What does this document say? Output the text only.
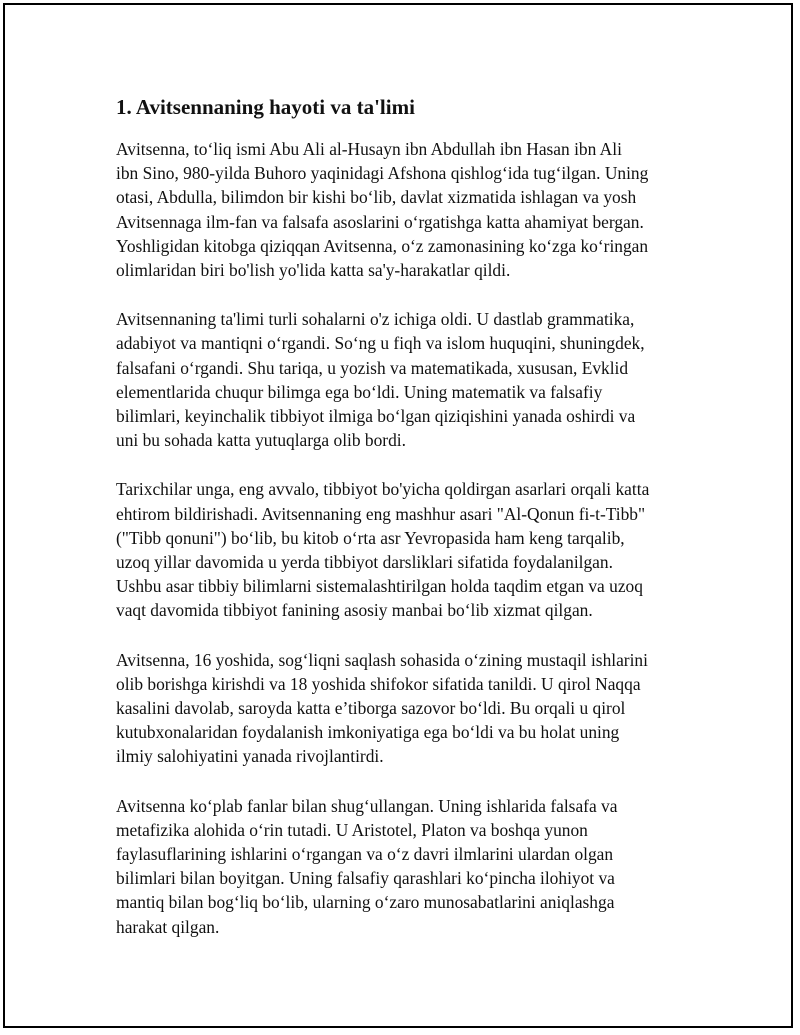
1. Avitsennaning hayoti va ta'limi
Avitsenna, to‘liq ismi Abu Ali al-Husayn ibn Abdullah ibn Hasan ibn Ali
ibn Sino, 980-yilda Buhoro yaqinidagi Afshona qishlog‘ida tug‘ilgan. Uning
otasi, Abdulla, bilimdon bir kishi bo‘lib, davlat xizmatida ishlagan va yosh
Avitsennaga ilm-fan va falsafa asoslarini o‘rgatishga katta ahamiyat bergan.
Yoshligidan kitobga qiziqqan Avitsenna, o‘z zamonasining ko‘zga ko‘ringan
olimlaridan biri bo'lish yo'lida katta sa'y-harakatlar qildi.
Avitsennaning ta'limi turli sohalarni o'z ichiga oldi. U dastlab grammatika,
adabiyot va mantiqni o‘rgandi. So‘ng u fiqh va islom huquqini, shuningdek,
falsafani o‘rgandi. Shu tariqa, u yozish va matematikada, xususan, Evklid
elementlarida chuqur bilimga ega bo‘ldi. Uning matematik va falsafiy
bilimlari, keyinchalik tibbiyot ilmiga bo‘lgan qiziqishini yanada oshirdi va
uni bu sohada katta yutuqlarga olib bordi.
Tarixchilar unga, eng avvalo, tibbiyot bo'yicha qoldirgan asarlari orqali katta
ehtirom bildirishadi. Avitsennaning eng mashhur asari "Al-Qonun fi-t-Tibb"
("Tibb qonuni") bo‘lib, bu kitob o‘rta asr Yevropasida ham keng tarqalib,
uzoq yillar davomida u yerda tibbiyot darsliklari sifatida foydalanilgan.
Ushbu asar tibbiy bilimlarni sistemalashtirilgan holda taqdim etgan va uzoq
vaqt davomida tibbiyot fanining asosiy manbai bo‘lib xizmat qilgan.
Avitsenna, 16 yoshida, sog‘liqni saqlash sohasida o‘zining mustaqil ishlarini
olib borishga kirishdi va 18 yoshida shifokor sifatida tanildi. U qirol Naqqa
kasalini davolab, saroyda katta e’tiborga sazovor bo‘ldi. Bu orqali u qirol
kutubxonalaridan foydalanish imkoniyatiga ega bo‘ldi va bu holat uning
ilmiy salohiyatini yanada rivojlantirdi.
Avitsenna ko‘plab fanlar bilan shug‘ullangan. Uning ishlarida falsafa va
metafizika alohida o‘rin tutadi. U Aristotel, Platon va boshqa yunon
faylasuflarining ishlarini o‘rgangan va o‘z davri ilmlarini ulardan olgan
bilimlari bilan boyitgan. Uning falsafiy qarashlari ko‘pincha ilohiyot va
mantiq bilan bog‘liq bo‘lib, ularning o‘zaro munosabatlarini aniqlashga
harakat qilgan.
